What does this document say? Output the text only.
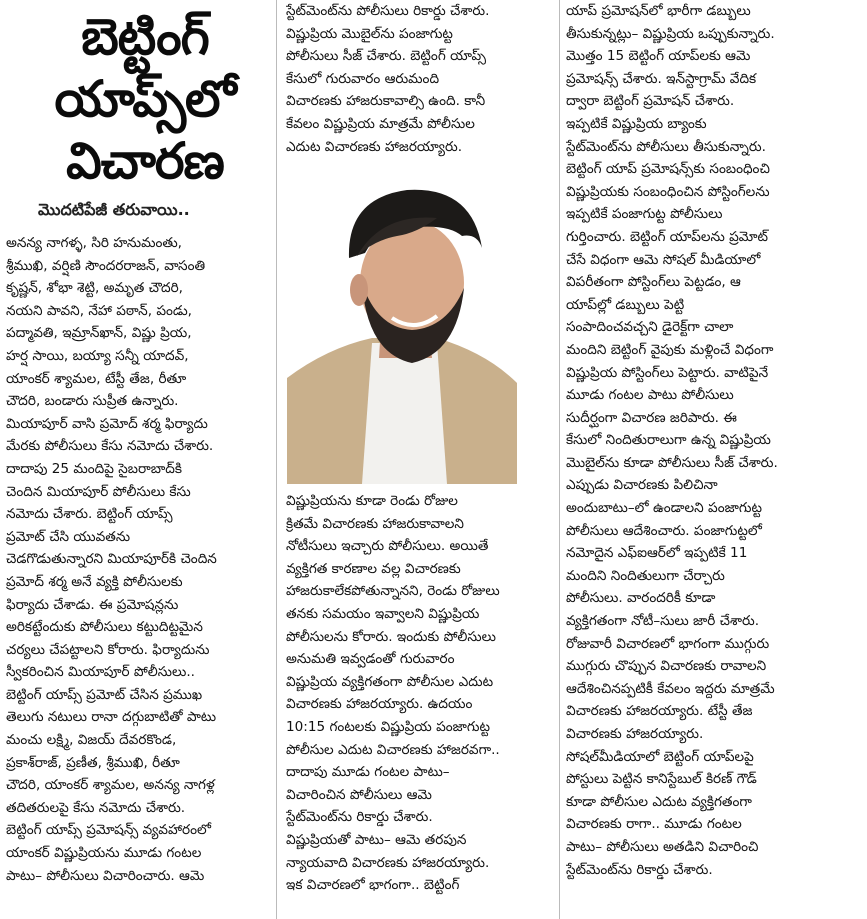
బెట్టింగ్
యాప్స్‌లో
విచారణ
మొదటిపేజీ తరువాయి..
అనన్య నాగళ్ళ, సిరి హనుమంతు,
శ్రీముఖి, వర్షిణి సౌందరరాజన్, వాసంతి
కృష్ణన్, శోభా శెట్టి, అమృత చౌదరి,
నయని పావని, నేహా పఠాన్, పండు,
పద్మావతి, ఇమ్రాన్‌ఖాన్, విష్ణు ప్రియ,
హర్ష సాయి, బయ్యా సన్నీ యాదవ్,
యాంకర్ శ్యామల, టేస్టీ తేజ, రీతూ
చౌదరి, బండారు సుప్రీత ఉన్నారు.
మియాపూర్ వాసి ప్రమోద్ శర్మ ఫిర్యాదు
మేరకు పోలీసులు కేసు నమోదు చేశారు.
దాదాపు 25 మందిపై సైబరాబాద్‌కి
చెందిన మియాపూర్ పోలీసులు కేసు
నమోదు చేశారు. బెట్టింగ్ యాప్స్
ప్రమోట్ చేసి యువతను
చెడగొడుతున్నారని మియాపూర్‌కి చెందిన
ప్రమోద్ శర్మ అనే వ్యక్తి పోలీసులకు
ఫిర్యాదు చేశాడు. ఈ ప్రమోషన్లను
అరికట్టేందుకు పోలీసులు కట్టుదిట్టమైన
చర్యలు చేపట్టాలని కోరారు. ఫిర్యాదును
స్వీకరించిన మియాపూర్ పోలీసులు..
బెట్టింగ్ యాప్స్ ప్రమోట్ చేసిన ప్రముఖ
తెలుగు నటులు రానా దగ్గుబాటితో పాటు
మంచు లక్ష్మి, విజయ్ దేవరకొండ,
ప్రకాశ్‌రాజ్, ప్రణీత, శ్రీముఖి, రీతూ
చౌదరి, యాంకర్ శ్యామల, అనన్య నాగళ్ల
తదితరులపై కేసు నమోదు చేశారు.
బెట్టింగ్ యాప్స్ ప్రమోషన్స్ వ్యవహారంలో
యాంకర్ విష్ణుప్రియను మూడు గంటల
పాటు– పోలీసులు విచారించారు. ఆమె
స్టేట్‌మెంట్‌ను పోలీసులు రికార్డు చేశారు.
విష్ణుప్రియ మొబైల్‌ను పంజాగుట్ట
పోలీసులు సీజ్ చేశారు. బెట్టింగ్ యాప్స్
కేసులో గురువారం ఆరుమంది
విచారణకు హాజరుకావాల్సి ఉంది. కానీ
కేవలం విష్ణుప్రియ మాత్రమే పోలీసుల
ఎదుట విచారణకు హాజరయ్యారు.
విష్ణుప్రియను కూడా రెండు రోజుల
క్రితమే విచారణకు హాజరుకావాలని
నోటీసులు ఇచ్చారు పోలీసులు. అయితే
వ్యక్తిగత కారణాల వల్ల విచారణకు
హాజరుకాలేకపోతున్నానని, రెండు రోజులు
తనకు సమయం ఇవ్వాలని విష్ణుప్రియ
పోలీసులను కోరారు. ఇందుకు పోలీసులు
అనుమతి ఇవ్వడంతో గురువారం
విష్ణుప్రియ వ్యక్తిగతంగా పోలీసుల ఎదుట
విచారణకు హాజరయ్యారు. ఉదయం
10:15 గంటలకు విష్ణుప్రియ పంజాగుట్ట
పోలీసుల ఎదుట విచారణకు హాజరవగా..
దాదాపు మూడు గంటల పాటు–
విచారించిన పోలీసులు ఆమె
స్టేట్‌మెంట్‌ను రికార్డు చేశారు.
విష్ణుప్రియతో పాటు– ఆమె తరపున
న్యాయవాది విచారణకు హాజరయ్యారు.
ఇక విచారణలో భాగంగా.. బెట్టింగ్
యాప్ ప్రమోషన్‌లో భారీగా డబ్బులు
తీసుకున్నట్లు– విష్ణుప్రియ ఒప్పుకున్నారు.
మొత్తం 15 బెట్టింగ్ యాప్‌లకు ఆమె
ప్రమోషన్స్ చేశారు. ఇన్‌స్టాగ్రామ్ వేదిక
ద్వారా బెట్టింగ్ ప్రమోషన్ చేశారు.
ఇప్పటికే విష్ణుప్రియ బ్యాంకు
స్టేట్‌మెంట్‌ను పోలీసులు తీసుకున్నారు.
బెట్టింగ్ యాప్ ప్రమోషన్స్‌కు సంబంధించి
విష్ణుప్రియకు సంబంధించిన పోస్టింగ్‌లను
ఇప్పటికే పంజాగుట్ట పోలీసులు
గుర్తించారు. బెట్టింగ్ యాప్‌లను ప్రమోట్
చేసే విధంగా ఆమె సోషల్ మీడియాలో
విపరీతంగా పోస్టింగ్‌లు పెట్టడం, ఆ
యాప్‌ల్లో డబ్బులు పెట్టి
సంపాదించవచ్చని డైరెక్ట్‌గా చాలా
మందిని బెట్టింగ్ వైపుకు మళ్లించే విధంగా
విష్ణుప్రియ పోస్టింగ్‌లు పెట్టారు. వాటిపైనే
మూడు గంటల పాటు పోలీసులు
సుదీర్ఘంగా విచారణ జరిపారు. ఈ
కేసులో నిందితురాలుగా ఉన్న విష్ణుప్రియ
మొబైల్‌ను కూడా పోలీసులు సీజ్ చేశారు.
ఎప్పుడు విచారణకు పిలిచినా
అందుబాటు–లో ఉండాలని పంజాగుట్ట
పోలీసులు ఆదేశించారు. పంజాగుట్టలో
నమోదైన ఎఫ్ఐఆర్‌లో ఇప్పటికే 11
మందిని నిందితులుగా చేర్చారు
పోలీసులు. వారందరికీ కూడా
వ్యక్తిగతంగా నోటీ–సులు జారీ చేశారు.
రోజువారీ విచారణలో భాగంగా ముగ్గురు
ముగ్గురు చొప్పున విచారణకు రావాలని
ఆదేశించినప్పటికీ కేవలం ఇద్దరు మాత్రమే
విచారణకు హాజరయ్యారు. టేస్టీ తేజ
విచారణకు హాజరయ్యారు.
సోషల్‌మీడియాలో బెట్టింగ్ యాప్‌లపై
పోస్టులు పెట్టిన కానిస్టేబుల్ కిరణ్ గౌడ్
కూడా పోలీసుల ఎదుట వ్యక్తిగతంగా
విచారణకు రాగా.. మూడు గంటల
పాటు– పోలీసులు అతడిని విచారించి
స్టేట్‌మెంట్‌ను రికార్డు చేశారు.
